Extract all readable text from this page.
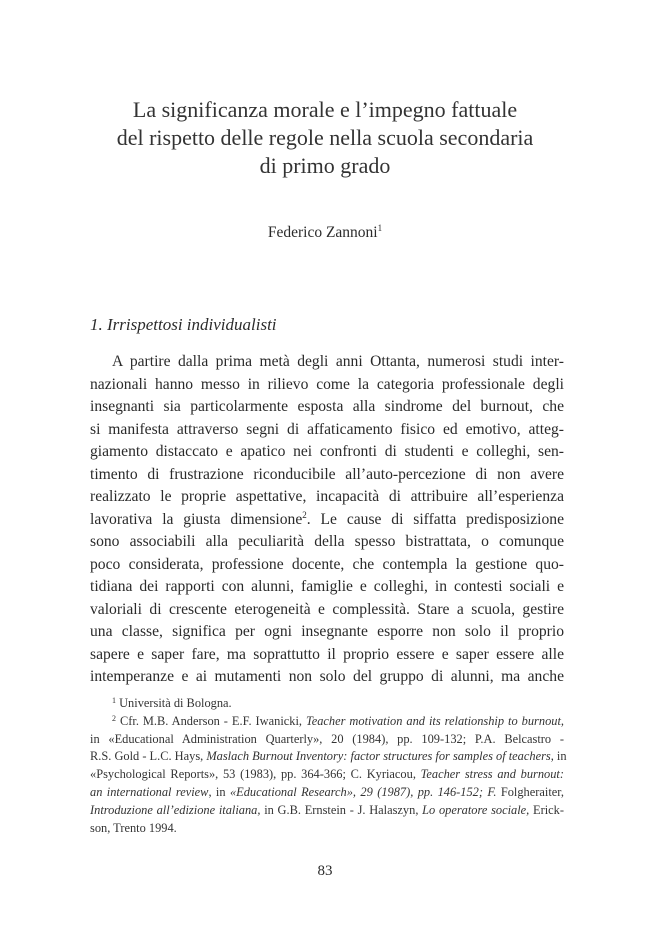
La significanza morale e l’impegno fattuale
del rispetto delle regole nella scuola secondaria
di primo grado
Federico Zannoni$^1$
1. Irrispettosi individualisti
A partire dalla prima metà degli anni Ottanta, numerosi studi inter-
nazionali hanno messo in rilievo come la categoria professionale degli
insegnanti sia particolarmente esposta alla sindrome del burnout, che
si manifesta attraverso segni di affaticamento fisico ed emotivo, atteg-
giamento distaccato e apatico nei confronti di studenti e colleghi, sen-
timento di frustrazione riconducibile all’auto-percezione di non avere
realizzato le proprie aspettative, incapacità di attribuire all’esperienza
lavorativa la giusta dimensione$^2$. Le cause di siffatta predisposizione
sono associabili alla peculiarità della spesso bistrattata, o comunque
poco considerata, professione docente, che contempla la gestione quo-
tidiana dei rapporti con alunni, famiglie e colleghi, in contesti sociali e
valoriali di crescente eterogeneità e complessità. Stare a scuola, gestire
una classe, significa per ogni insegnante esporre non solo il proprio
sapere e saper fare, ma soprattutto il proprio essere e saper essere alle
intemperanze e ai mutamenti non solo del gruppo di alunni, ma anche
$^1$ Università di Bologna.
$^2$ Cfr. M.B. Anderson - E.F. Iwanicki, Teacher motivation and its relationship to burnout,
in «Educational Administration Quarterly», 20 (1984), pp. 109-132; P.A. Belcastro -
R.S. Gold - L.C. Hays, Maslach Burnout Inventory: factor structures for samples of teachers, in
«Psychological Reports», 53 (1983), pp. 364-366; C. Kyriacou, Teacher stress and burnout:
an international review, in «Educational Research», 29 (1987), pp. 146-152; F. Folgheraiter,
Introduzione all’edizione italiana, in G.B. Ernstein - J. Halaszyn, Lo operatore sociale, Erick-
son, Trento 1994.
83
